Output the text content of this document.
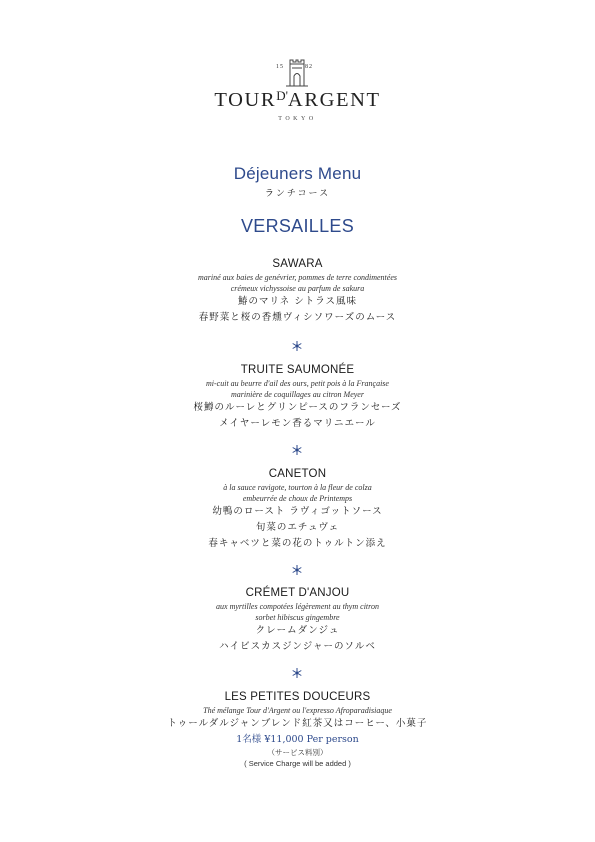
15	82
$TOUR^{D'}ARGENT$
TOKYO
Déjeuners Menu
ランチコース
VERSAILLES
SAWARA
mariné aux baies de genévrier, pommes de terre condimentées
crémeux vichyssoise au parfum de sakura
鰆のマリネ シトラス風味
春野菜と桜の香燻ヴィシソワーズのムース
TRUITE SAUMONÉE
mi-cuit au beurre d'ail des ours, petit pois à la Française
marinière de coquillages au citron Meyer
桜鱒のルーレとグリンピースのフランセーズ
メイヤーレモン香るマリニエール
CANETON
à la sauce ravigote, tourton à la fleur de colza
embeurrée de choux de Printemps
幼鴨のロースト ラヴィゴットソース
旬菜のエチュヴェ
春キャベツと菜の花のトゥルトン添え
CRÉMET D'ANJOU
aux myrtilles compotées légèrement au thym citron
sorbet hibiscus gingembre
クレームダンジュ
ハイビスカスジンジャーのソルベ
LES PETITES DOUCEURS
Thé mélange Tour d'Argent ou l'expresso Afroparadisiaque
トゥールダルジャンブレンド紅茶又はコーヒー、小菓子
1名様 ¥11,000 Per person
（サービス料別）
( Service Charge will be added )
